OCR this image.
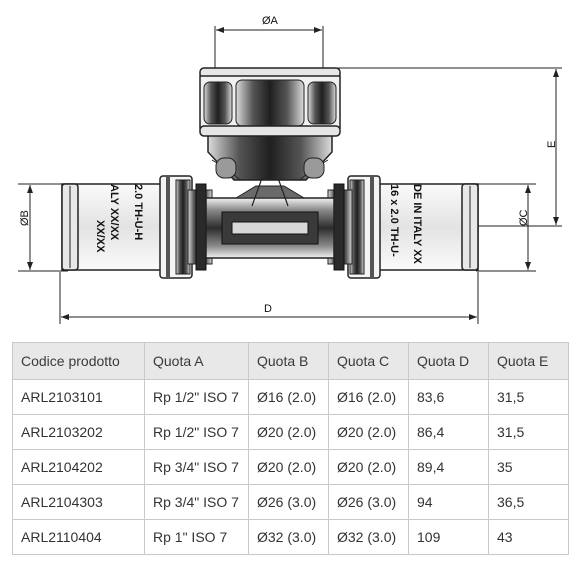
ØA
E
ØB	ØC
D
ALY XX/XX 2.0 TH-U-H
XX/XX	16 x 2.0 TH-U- DE IN ITALY XX
Codice prodotto	Quota A	Quota B	Quota C	Quota D	Quota E
ARL2103101	Rp 1/2" ISO 7	Ø16 (2.0)	Ø16 (2.0)	83,6	31,5
ARL2103202	Rp 1/2" ISO 7	Ø20 (2.0)	Ø20 (2.0)	86,4	31,5
ARL2104202	Rp 3/4" ISO 7	Ø20 (2.0)	Ø20 (2.0)	89,4	35
ARL2104303	Rp 3/4" ISO 7	Ø26 (3.0)	Ø26 (3.0)	94	36,5
ARL2110404	Rp 1" ISO 7	Ø32 (3.0)	Ø32 (3.0)	109	43
